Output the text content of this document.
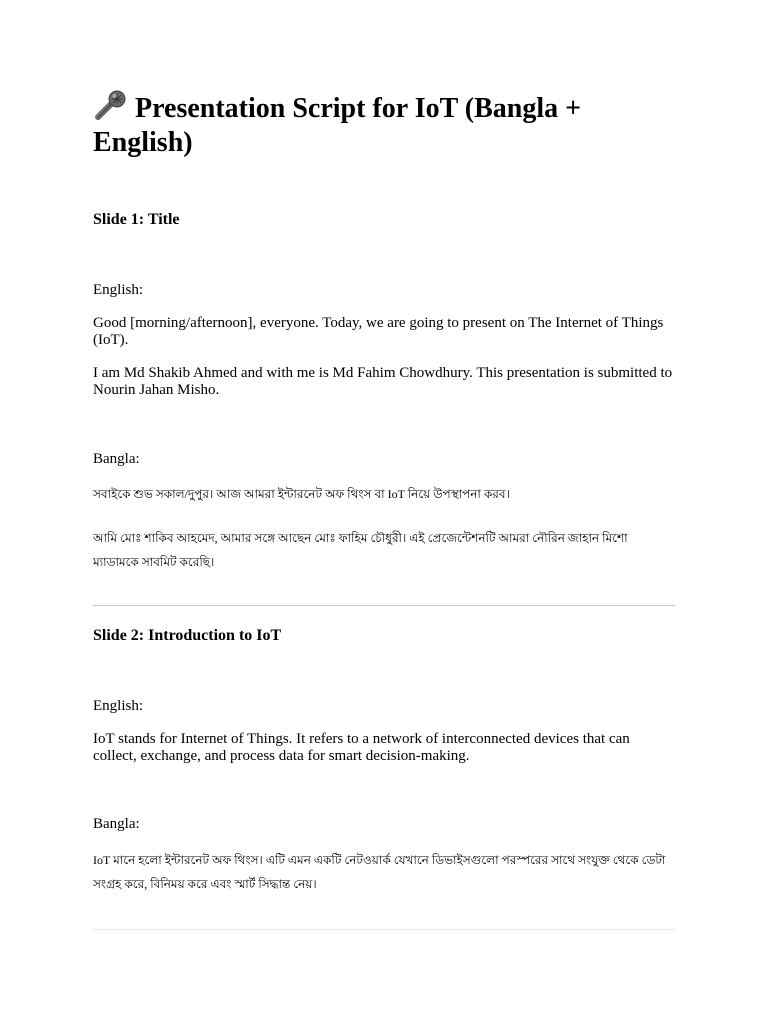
Presentation Script for IoT (Bangla + English)
Slide 1: Title

English:

Good [morning/afternoon], everyone. Today, we are going to present on The Internet of Things (IoT).

I am Md Shakib Ahmed and with me is Md Fahim Chowdhury. This presentation is submitted to Nourin Jahan Misho.

Bangla:

সবাইকে শুভ সকাল/দুপুর। আজ আমরা ইন্টারনেট অফ থিংস বা IoT নিয়ে উপস্থাপনা করব।

আমি মোঃ শাকিব আহমেদ, আমার সঙ্গে আছেন মোঃ ফাহিম চৌধুরী। এই প্রেজেন্টেশনটি আমরা নৌরিন জাহান মিশো ম্যাডামকে সাবমিট করেছি।

Slide 2: Introduction to IoT

English:

IoT stands for Internet of Things. It refers to a network of interconnected devices that can collect, exchange, and process data for smart decision-making.

Bangla:

IoT মানে হলো ইন্টারনেট অফ থিংস। এটি এমন একটি নেটওয়ার্ক যেখানে ডিভাইসগুলো পরস্পরের সাথে সংযুক্ত থেকে ডেটা সংগ্রহ করে, বিনিময় করে এবং স্মার্ট সিদ্ধান্ত নেয়।
